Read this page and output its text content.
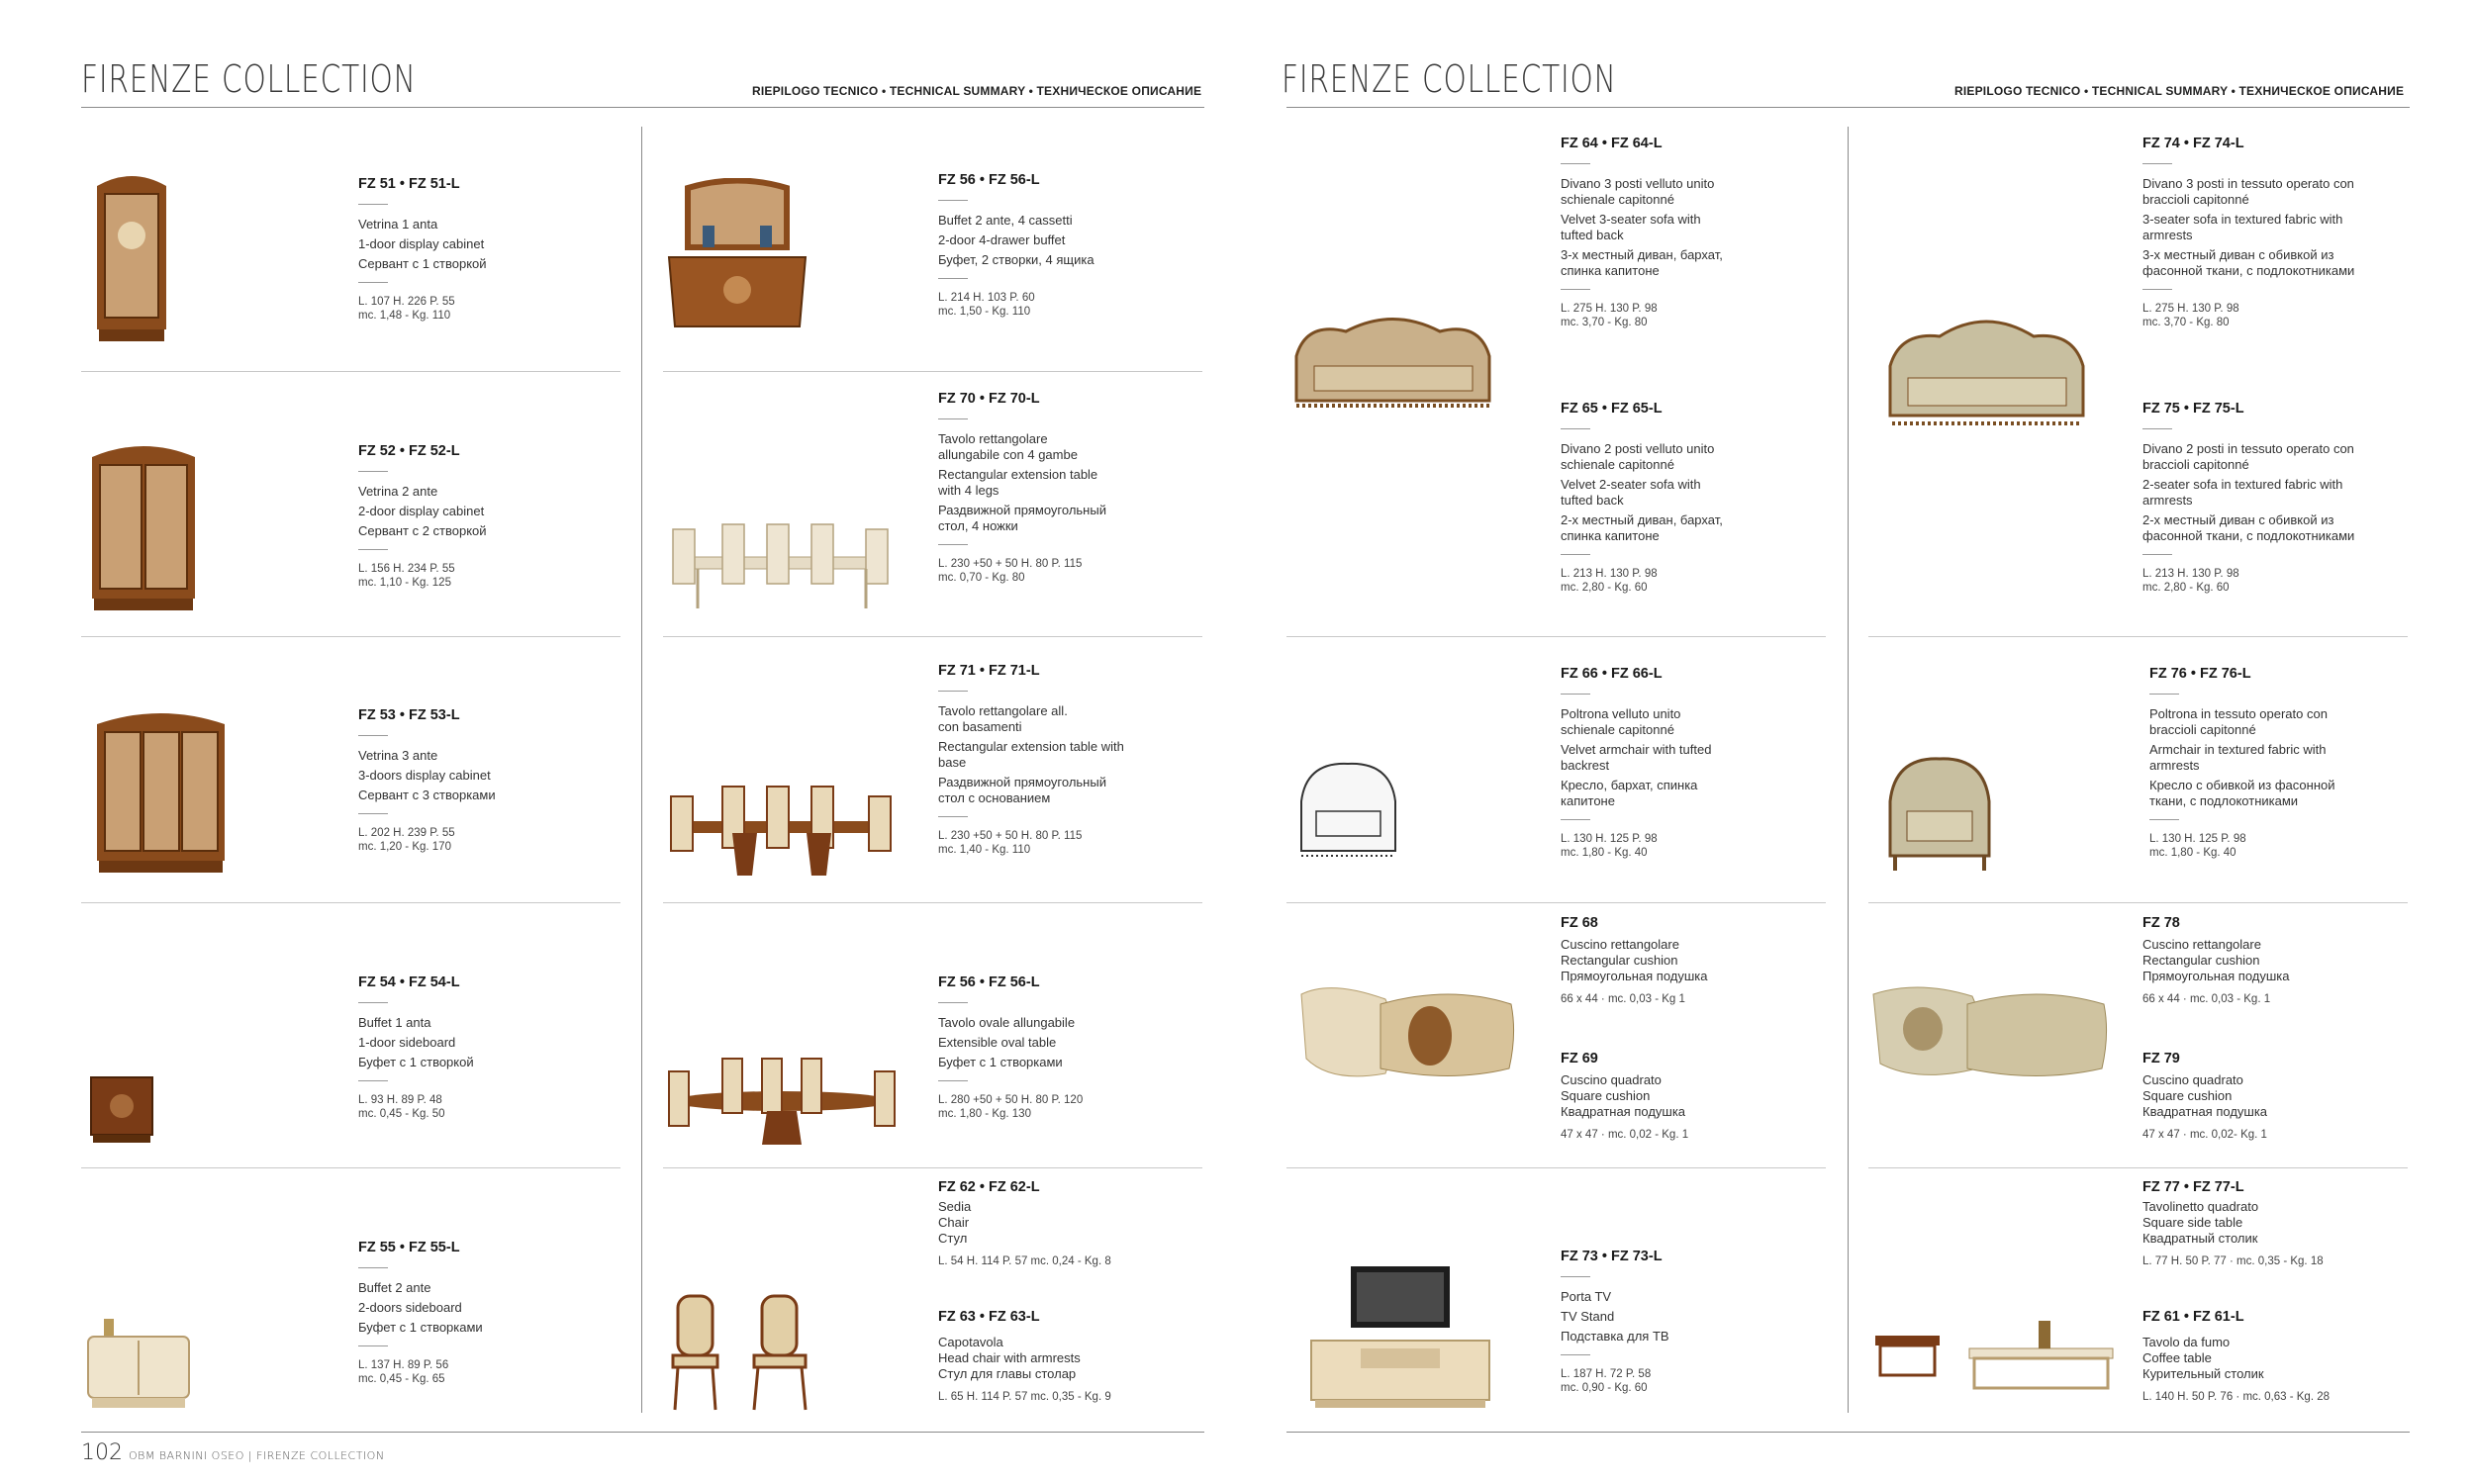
FIRENZE COLLECTION	RIEPILOGO TECNICO • TECHNICAL SUMMARY • ТЕХНИЧЕСКОЕ ОПИСАНИЕ FIRENZE COLLECTION	RIEPILOGO TECNICO • TECHNICAL SUMMARY • ТЕХНИЧЕСКОЕ ОПИСАНИЕ
FZ 51 • FZ 51-L
Vetrina 1 anta
1-door display cabinet
Сервант с 1 створкой
L. 107 H. 226 P. 55
mc. 1,48 - Kg. 110
FZ 52 • FZ 52-L
Vetrina 2 ante
2-door display cabinet
Сервант с 2 створкой
L. 156 H. 234 P. 55
mc. 1,10 - Kg. 125
FZ 53 • FZ 53-L
Vetrina 3 ante
3-doors display cabinet
Сервант с 3 створками
L. 202 H. 239 P. 55
mc. 1,20 - Kg. 170
FZ 54 • FZ 54-L
Buffet 1 anta
1-door sideboard
Буфет с 1 створкой
L. 93 H. 89 P. 48
mc. 0,45 - Kg. 50
FZ 55 • FZ 55-L
Buffet 2 ante
2-doors sideboard
Буфет с 1 створками
L. 137 H. 89 P. 56
mc. 0,45 - Kg. 65
FZ 56 • FZ 56-L
Buffet 2 ante, 4 cassetti
2-door 4-drawer buffet
Буфет, 2 створки, 4 ящика
L. 214 H. 103 P. 60
mc. 1,50 - Kg. 110
FZ 70 • FZ 70-L
Tavolo rettangolare
allungabile con 4 gambe
Rectangular extension table
with 4 legs
Раздвижной прямоугольный
стол, 4 ножки
L. 230 +50 + 50 H. 80 P. 115
mc. 0,70 - Kg. 80
FZ 71 • FZ 71-L
Tavolo rettangolare all.
con basamenti
Rectangular extension table with
base
Раздвижной прямоугольный
стол с основанием
L. 230 +50 + 50 H. 80 P. 115
mc. 1,40 - Kg. 110
FZ 56 • FZ 56-L
Tavolo ovale allungabile
Extensible oval table
Буфет с 1 створками
L. 280 +50 + 50 H. 80 P. 120
mc. 1,80 - Kg. 130
FZ 62 • FZ 62-L
Sedia
Chair
Стул
L. 54 H. 114 P. 57 mc. 0,24 - Kg. 8
FZ 63 • FZ 63-L
Capotavola
Head chair with armrests
Стул для главы столар
L. 65 H. 114 P. 57 mc. 0,35 - Kg. 9
FZ 64 • FZ 64-L
Divano 3 posti velluto unito
schienale capitonné
Velvet 3-seater sofa with
tufted back
3-х местный диван, бархат,
спинка капитоне
L. 275 H. 130 P. 98
mc. 3,70 - Kg. 80
FZ 65 • FZ 65-L
Divano 2 posti velluto unito
schienale capitonné
Velvet 2-seater sofa with
tufted back
2-х местный диван, бархат,
спинка капитоне
L. 213 H. 130 P. 98
mc. 2,80 - Kg. 60
FZ 66 • FZ 66-L
Poltrona velluto unito
schienale capitonné
Velvet armchair with tufted
backrest
Кресло, бархат, спинка
капитоне
L. 130 H. 125 P. 98
mc. 1,80 - Kg. 40
FZ 68
Cuscino rettangolare
Rectangular cushion
Прямоугольная подушка
66 x 44 · mc. 0,03 - Kg 1
FZ 69
Cuscino quadrato
Square cushion
Квадратная подушка
47 x 47 · mc. 0,02 - Kg. 1
FZ 73 • FZ 73-L
Porta TV
TV Stand
Подставка для ТВ
L. 187 H. 72 P. 58
mc. 0,90 - Kg. 60
FZ 74 • FZ 74-L
Divano 3 posti in tessuto operato con
braccioli capitonné
3-seater sofa in textured fabric with
armrests
3-х местный диван с обивкой из
фасонной ткани, с подлокотниками
L. 275 H. 130 P. 98
mc. 3,70 - Kg. 80
FZ 75 • FZ 75-L
Divano 2 posti in tessuto operato con
braccioli capitonné
2-seater sofa in textured fabric with
armrests
2-х местный диван с обивкой из
фасонной ткани, с подлокотниками
L. 213 H. 130 P. 98
mc. 2,80 - Kg. 60
FZ 76 • FZ 76-L
Poltrona in tessuto operato con
braccioli capitonné
Armchair in textured fabric with
armrests
Кресло с обивкой из фасонной
ткани, с подлокотниками
L. 130 H. 125 P. 98
mc. 1,80 - Kg. 40
FZ 78
Cuscino rettangolare
Rectangular cushion
Прямоугольная подушка
66 x 44 · mc. 0,03 - Kg. 1
FZ 79
Cuscino quadrato
Square cushion
Квадратная подушка
47 x 47 · mc. 0,02- Kg. 1
FZ 77 • FZ 77-L
Tavolinetto quadrato
Square side table
Квадратный столик
L. 77 H. 50 P. 77 · mc. 0,35 - Kg. 18
FZ 61 • FZ 61-L
Tavolo da fumo
Coffee table
Курительный столик
L. 140 H. 50 P. 76 · mc. 0,63 - Kg. 28
102 OBM BARNINI OSEO | FIRENZE COLLECTION
